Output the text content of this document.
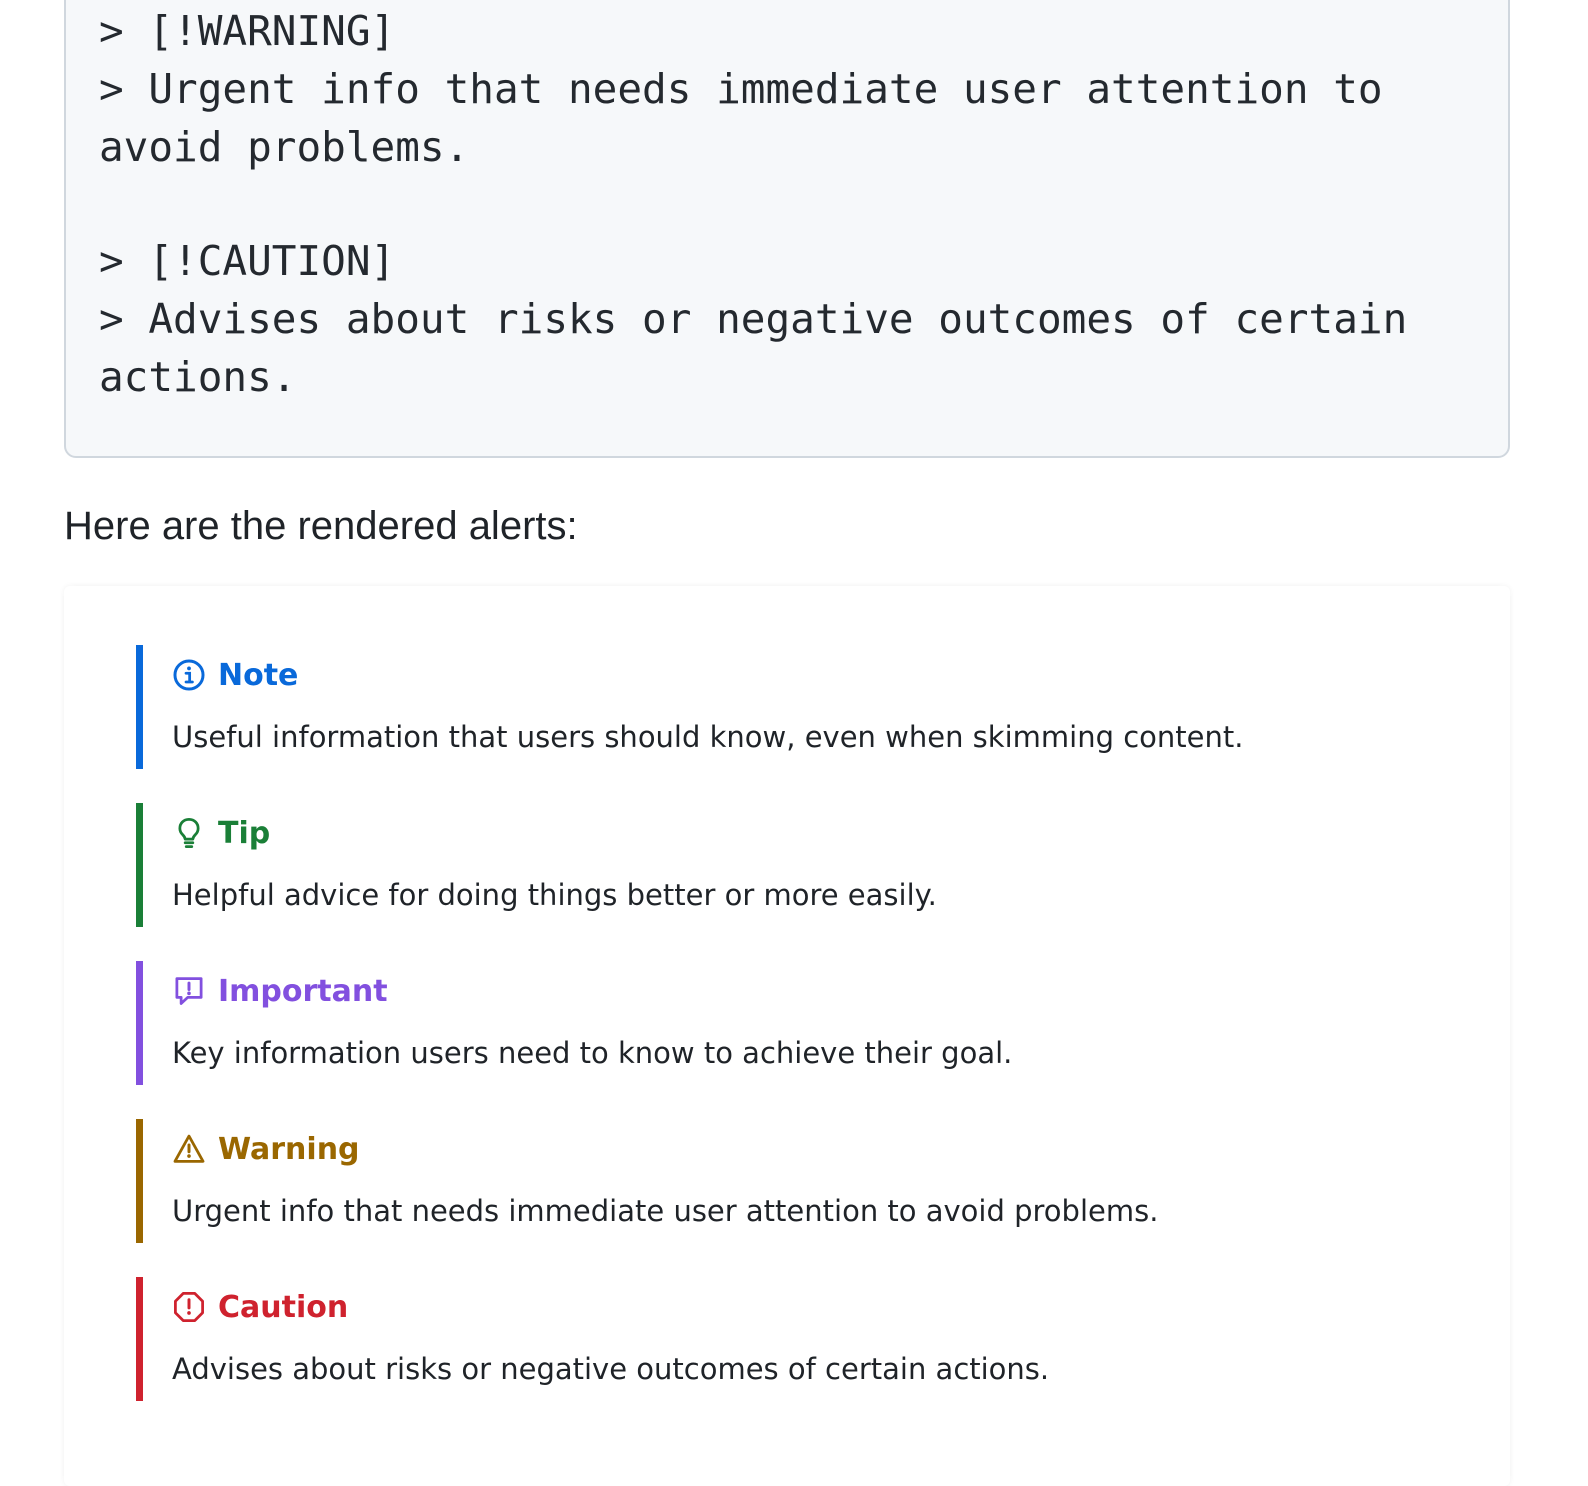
> [!WARNING]
> Urgent info that needs immediate user attention to
avoid problems.
> [!CAUTION]
> Advises about risks or negative outcomes of certain
actions.
Here are the rendered alerts:
Note
Useful information that users should know, even when skimming content.
Tip
Helpful advice for doing things better or more easily.
Important
Key information users need to know to achieve their goal.
Warning
Urgent info that needs immediate user attention to avoid problems.
Caution
Advises about risks or negative outcomes of certain actions.
